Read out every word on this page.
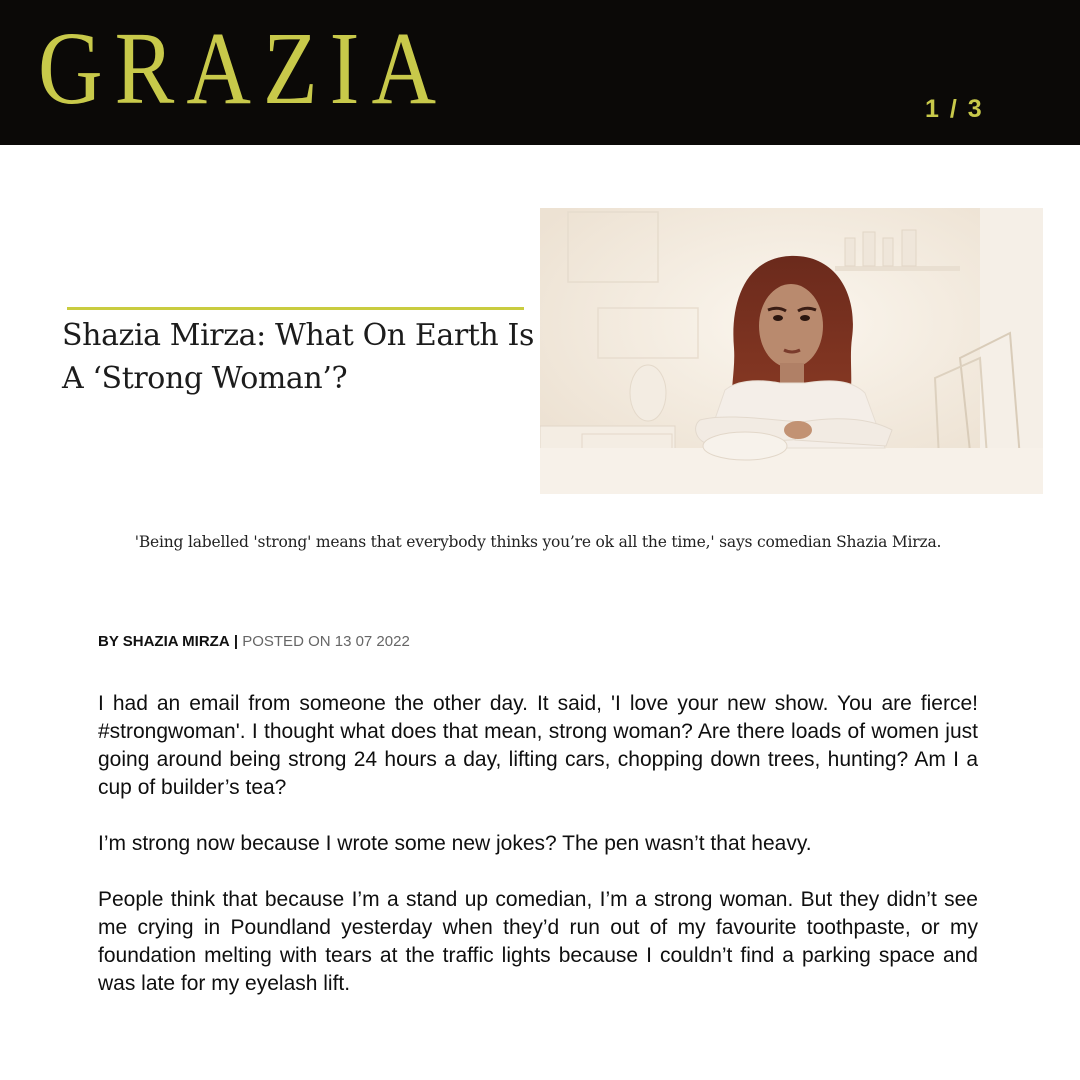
GRAZIA	1 / 3
Shazia Mirza: What On Earth Is A ‘Strong Woman’?
'Being labelled 'strong' means that everybody thinks you’re ok all the time,' says comedian Shazia Mirza.
BY SHAZIA MIRZA | POSTED ON 13 07 2022

I had an email from someone the other day. It said, 'I love your new show. You are fierce! #strongwoman'. I thought what does that mean, strong woman? Are there loads of women just going around being strong 24 hours a day, lifting cars, chopping down trees, hunting? Am I a cup of builder’s tea?

I’m strong now because I wrote some new jokes? The pen wasn’t that heavy.

People think that because I’m a stand up comedian, I’m a strong woman. But they didn’t see me crying in Poundland yesterday when they’d run out of my favourite toothpaste, or my foundation melting with tears at the traffic lights because I couldn’t find a parking space and was late for my eyelash lift.
